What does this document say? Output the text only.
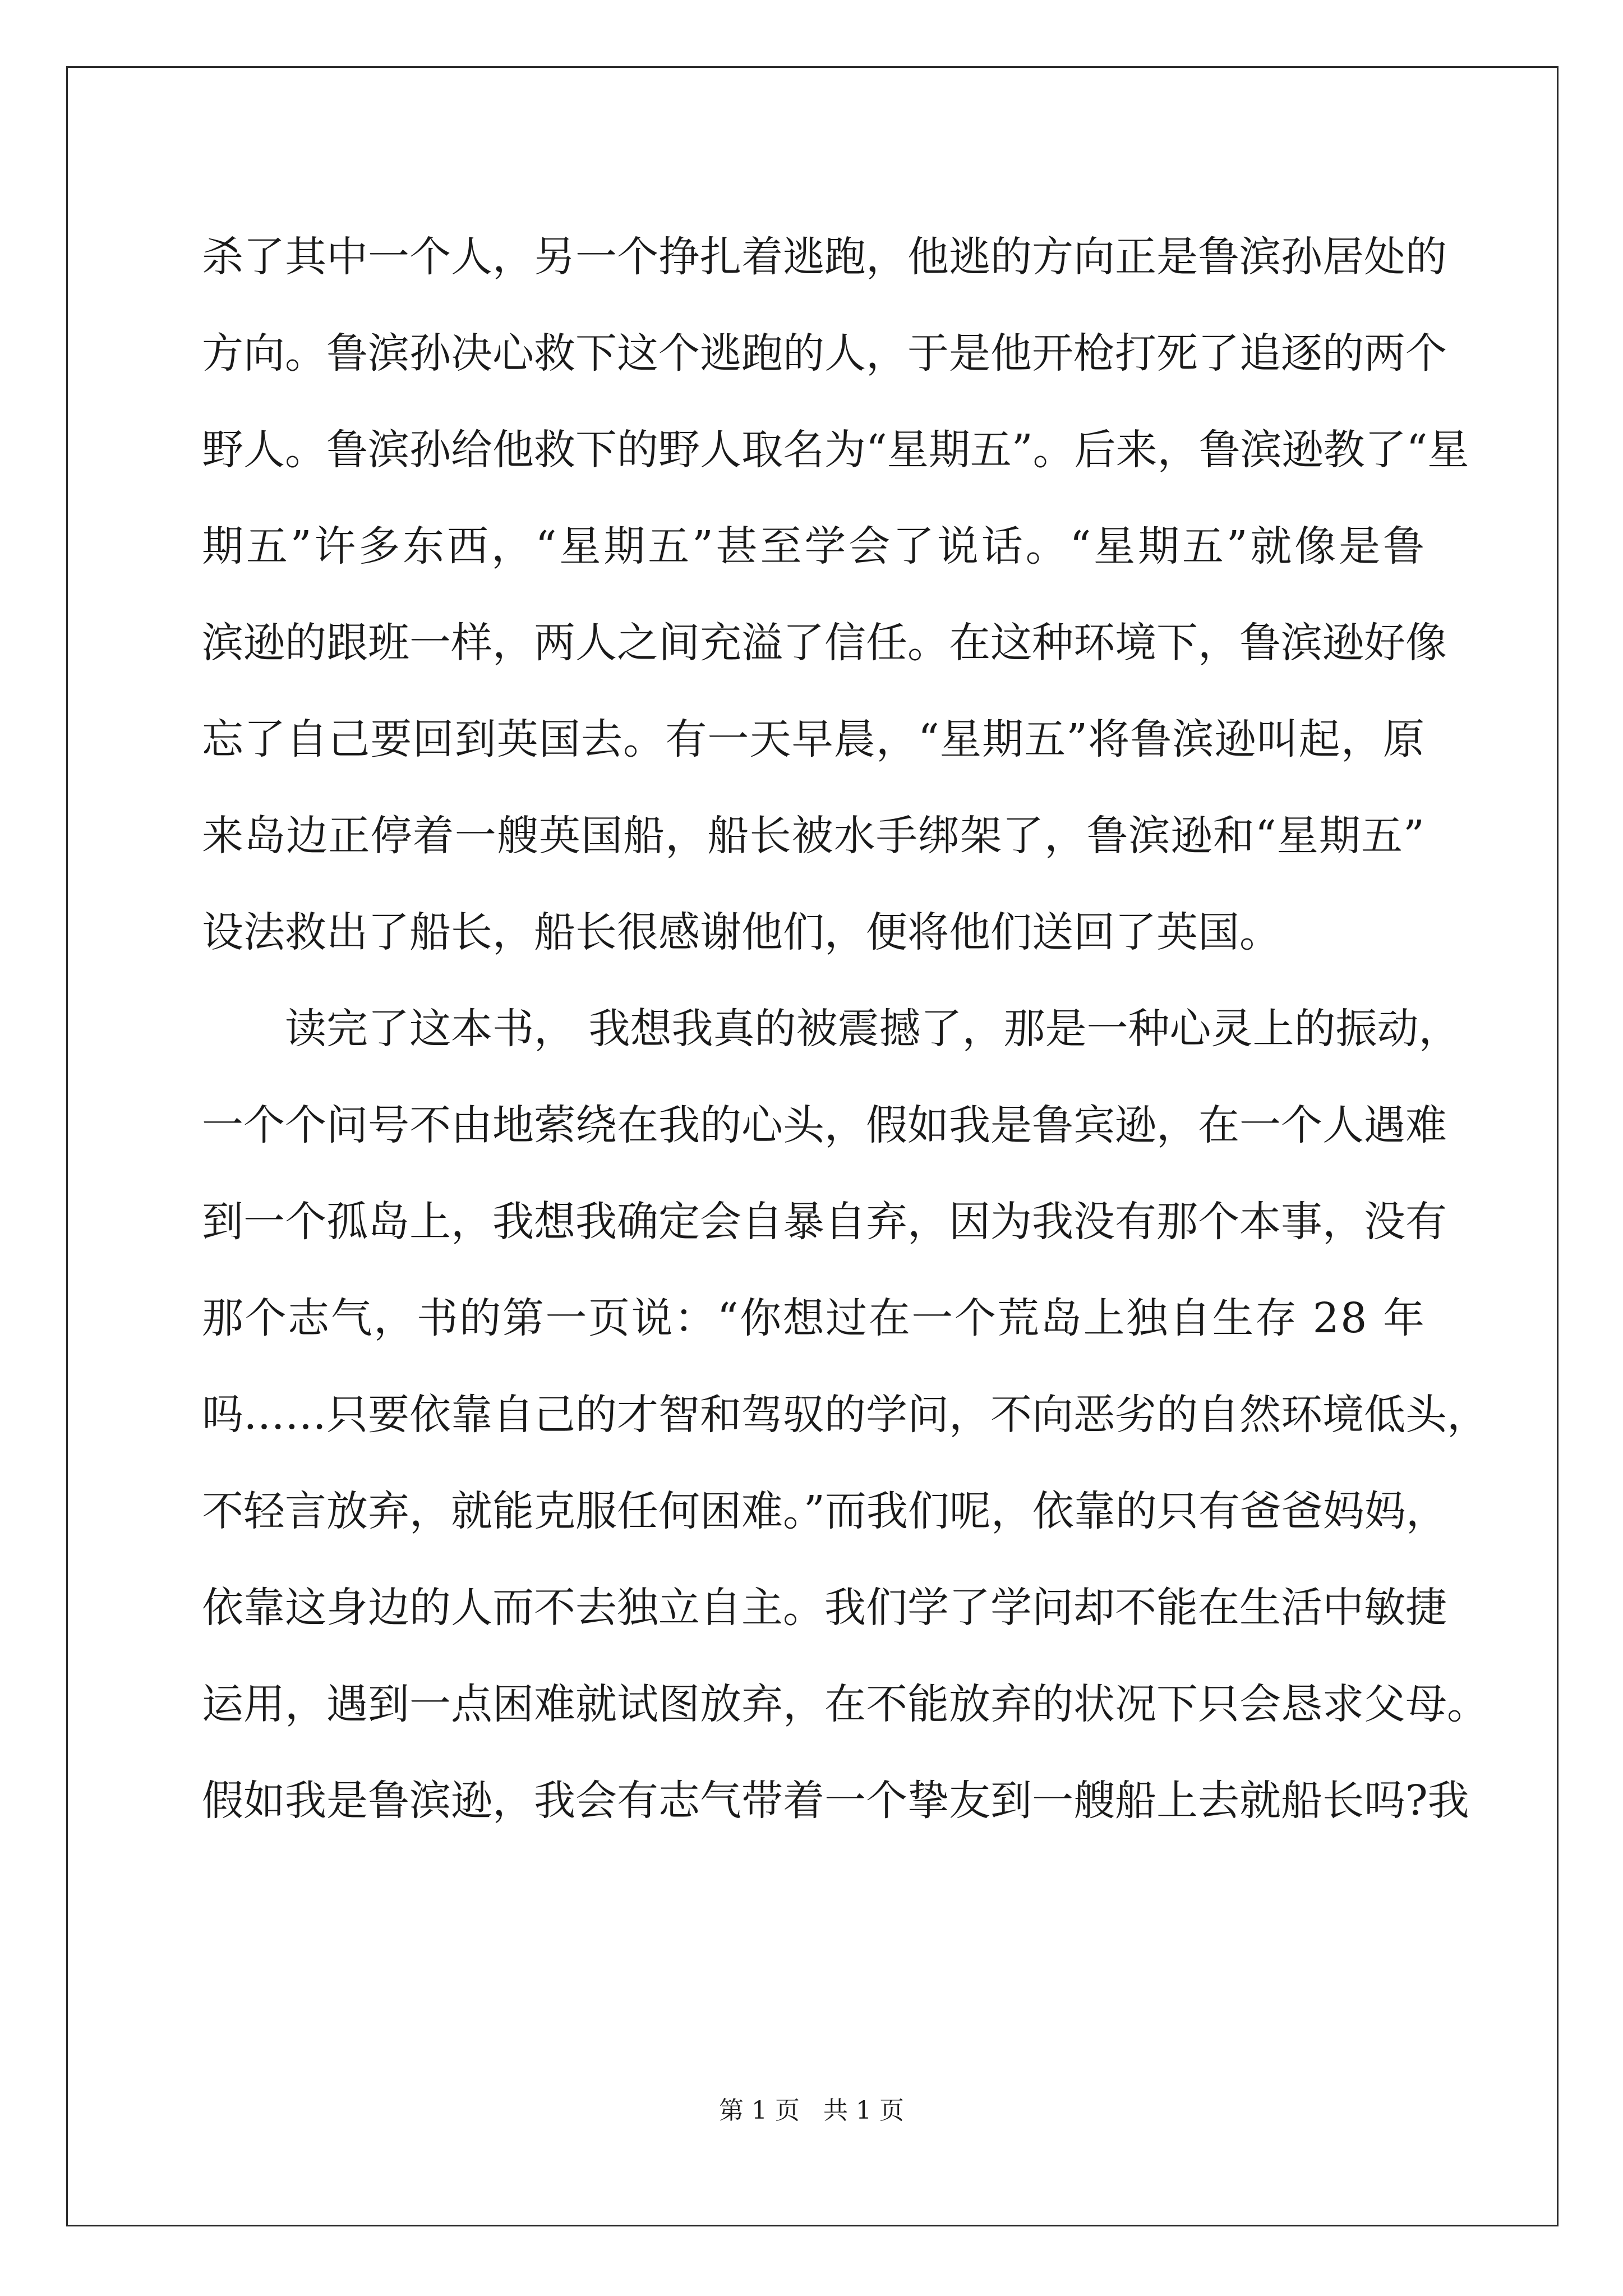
杀了其中一个人，另一个挣扎着逃跑，他逃的方向正是鲁滨孙居处的
方向。鲁滨孙决心救下这个逃跑的人，于是他开枪打死了追逐的两个
野人。鲁滨孙给他救下的野人取名为“星期五”。后来，鲁滨逊教了“星
期五”许多东西，“星期五”甚至学会了说话。“星期五”就像是鲁
滨逊的跟班一样，两人之间充溢了信任。在这种环境下，鲁滨逊好像
忘了自己要回到英国去。有一天早晨，“星期五”将鲁滨逊叫起，原
来岛边正停着一艘英国船，船长被水手绑架了，鲁滨逊和“星期五”
设法救出了船长，船长很感谢他们，便将他们送回了英国。
读完了这本书， 我想我真的被震撼了，那是一种心灵上的振动，
一个个问号不由地萦绕在我的心头，假如我是鲁宾逊，在一个人遇难
到一个孤岛上，我想我确定会自暴自弃，因为我没有那个本事，没有
那个志气，书的第一页说：“你想过在一个荒岛上独自生存 28 年
吗……只要依靠自己的才智和驾驭的学问，不向恶劣的自然环境低头，
不轻言放弃，就能克服任何困难。”而我们呢，依靠的只有爸爸妈妈，
依靠这身边的人而不去独立自主。我们学了学问却不能在生活中敏捷
运用，遇到一点困难就试图放弃，在不能放弃的状况下只会恳求父母。
假如我是鲁滨逊，我会有志气带着一个挚友到一艘船上去就船长吗?我
第 1 页   共 1 页
